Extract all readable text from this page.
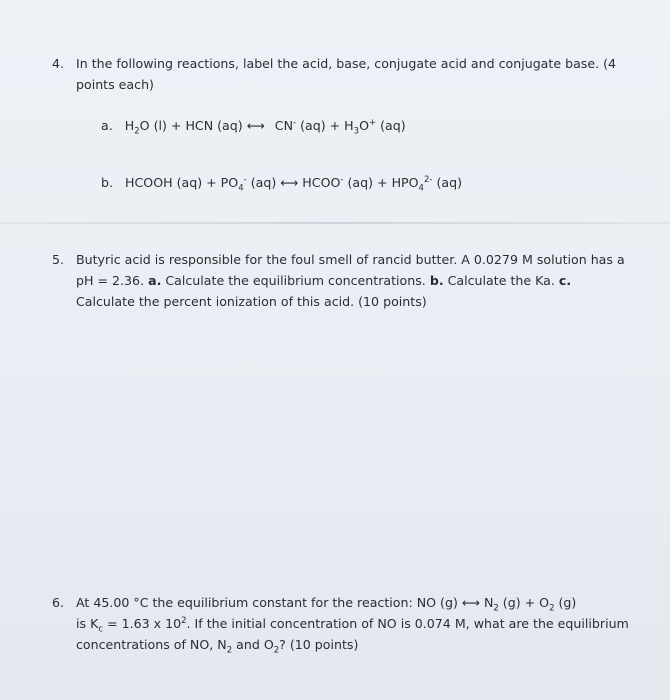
4. In the following reactions, label the acid, base, conjugate acid and conjugate base. (4
points each)
a. $H_2O$ (l) + HCN (aq) ⟷ CN- $(aq) + H_3O^+$ (aq)
b. HCOOH $(aq) + PO_4^-$ (aq) ⟷ HCOO- $(aq) + HPO_4^{2-}$ (aq)
5. Butyric acid is responsible for the foul smell of rancid butter. A 0.0279 M solution has a
pH = 2.36. a. Calculate the equilibrium concentrations. b. Calculate the Ka. c.
Calculate the percent ionization of this acid. (10 points)
6. At 45.00 °C the equilibrium constant for the reaction: NO (g) ⟷ $N_2$ $(g) + O_2$ (g)
is $K_c = 1.63$ x $10^2$. If the initial concentration of NO is 0.074 M, what are the equilibrium
concentrations of NO, $N_2$ and $O_2$? (10 points)
